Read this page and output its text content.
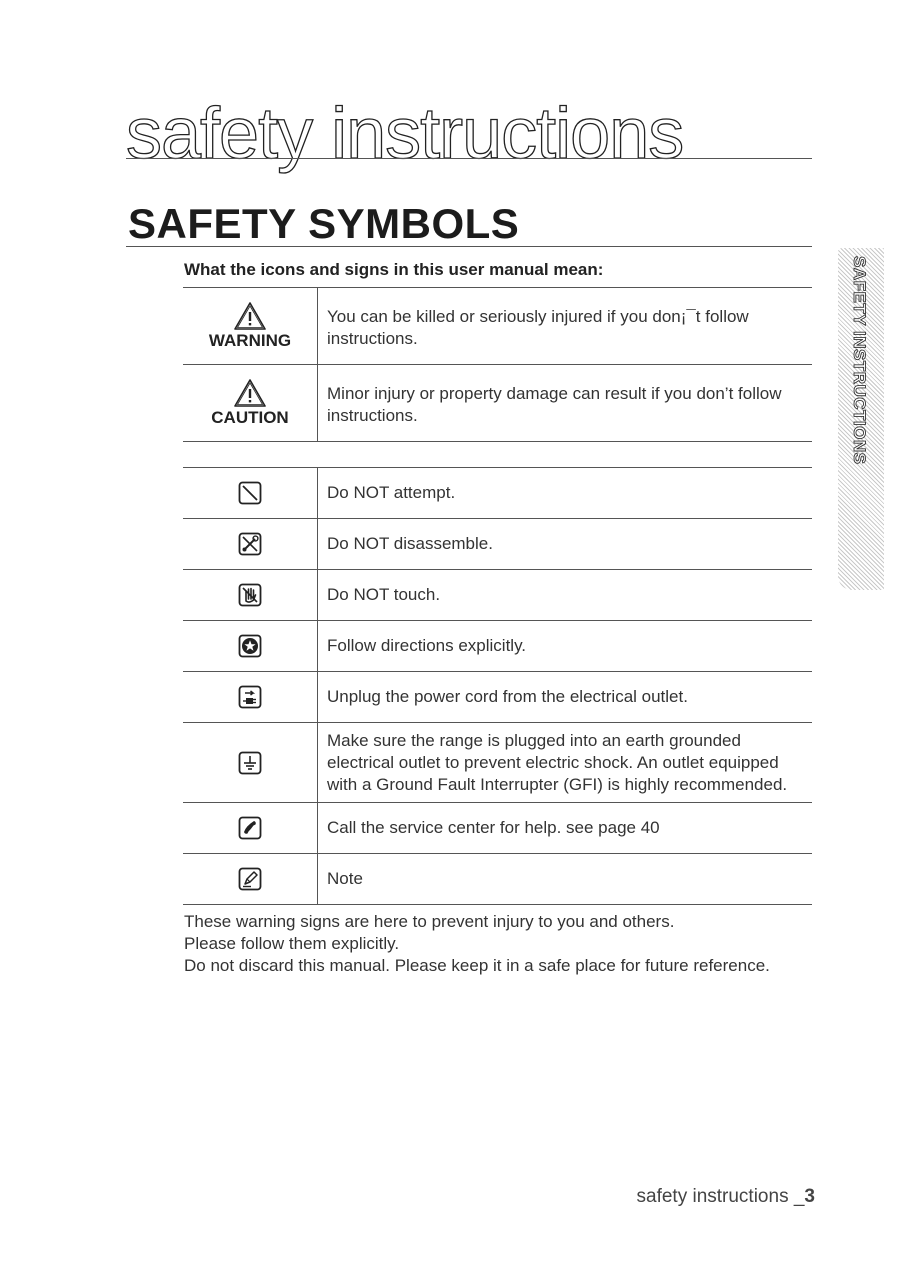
safety instructions
SAFETY SYMBOLS

What the icons and signs in this user manual mean:	SAFETY INSTRUCTIONS
WARNING	You can be killed or seriously injured if you don¡¯t follow instructions.

CAUTION	Minor injury or property damage can result if you don’t follow instructions.
	Do NOT attempt.
	Do NOT disassemble.
	Do NOT touch.
	Follow directions explicitly.
	Unplug the power cord from the electrical outlet.
	Make sure the range is plugged into an earth grounded electrical outlet to prevent electric shock. An outlet equipped with a Ground Fault Interrupter (GFI) is highly recommended.
	Call the service center for help. see page 40
	Note

These warning signs are here to prevent injury to you and others.

Please follow them explicitly.

Do not discard this manual. Please keep it in a safe place for future reference.

safety instructions _3
